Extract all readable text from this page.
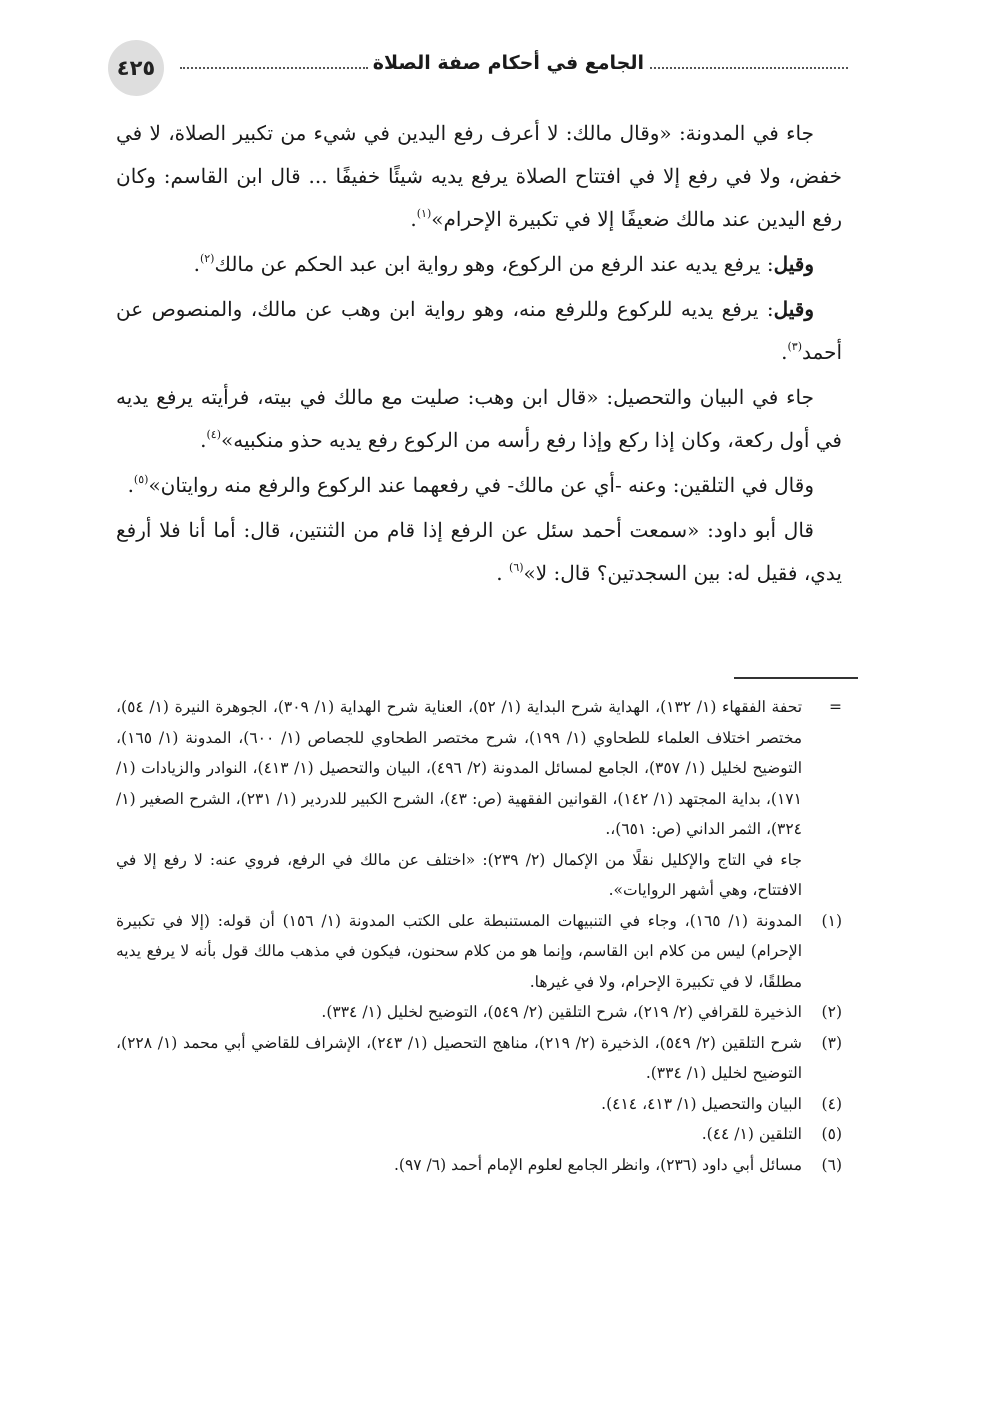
٤٢٥	الجامع في أحكام صفة الصلاة

جاء في المدونة: «وقال مالك: لا أعرف رفع اليدين في شيء من تكبير الصلاة، لا في خفض، ولا في رفع إلا في افتتاح الصلاة يرفع يديه شيئًا خفيفًا ... قال ابن القاسم: وكان رفع اليدين عند مالك ضعيفًا إلا في تكبيرة الإحرام»$^{(١)}$.

وقيل: يرفع يديه عند الرفع من الركوع، وهو رواية ابن عبد الحكم عن مالك$^{(٢)}$.

وقيل: يرفع يديه للركوع وللرفع منه، وهو رواية ابن وهب عن مالك، والمنصوص عن أحمد$^{(٣)}$.

جاء في البيان والتحصيل: «قال ابن وهب: صليت مع مالك في بيته، فرأيته يرفع يديه في أول ركعة، وكان إذا ركع وإذا رفع رأسه من الركوع رفع يديه حذو منكبيه»$^{(٤)}$.

وقال في التلقين: وعنه -أي عن مالك- في رفعهما عند الركوع والرفع منه روايتان»$^{(٥)}$.

قال أبو داود: «سمعت أحمد سئل عن الرفع إذا قام من الثنتين، قال: أما أنا فلا أرفع يدي، فقيل له: بين السجدتين؟ قال: لا»$^{(٦)}$ .

=
تحفة الفقهاء (١/ ١٣٢)، الهداية شرح البداية (١/ ٥٢)، العناية شرح الهداية (١/ ٣٠٩)، الجوهرة النيرة (١/ ٥٤)، مختصر اختلاف العلماء للطحاوي (١/ ١٩٩)، شرح مختصر الطحاوي للجصاص (١/ ٦٠٠)، المدونة (١/ ١٦٥)، التوضيح لخليل (١/ ٣٥٧)، الجامع لمسائل المدونة (٢/ ٤٩٦)، البيان والتحصيل (١/ ٤١٣)، النوادر والزيادات (١/ ١٧١)، بداية المجتهد (١/ ١٤٢)، القوانين الفقهية (ص: ٤٣)، الشرح الكبير للدردير (١/ ٢٣١)، الشرح الصغير (١/ ٣٢٤)، الثمر الداني (ص: ٦٥١)،.
جاء في التاج والإكليل نقلًا من الإكمال (٢/ ٢٣٩): «اختلف عن مالك في الرفع، فروي عنه: لا رفع إلا في الافتتاح، وهي أشهر الروايات».
(١)
المدونة (١/ ١٦٥)، وجاء في التنبيهات المستنبطة على الكتب المدونة (١/ ١٥٦) أن قوله: (إلا في تكبيرة الإحرام) ليس من كلام ابن القاسم، وإنما هو من كلام سحنون، فيكون في مذهب مالك قول بأنه لا يرفع يديه مطلقًا، لا في تكبيرة الإحرام، ولا في غيرها.
(٢)
الذخيرة للقرافي (٢/ ٢١٩)، شرح التلقين (٢/ ٥٤٩)، التوضيح لخليل (١/ ٣٣٤).
(٣)
شرح التلقين (٢/ ٥٤٩)، الذخيرة (٢/ ٢١٩)، مناهج التحصيل (١/ ٢٤٣)، الإشراف للقاضي أبي محمد (١/ ٢٢٨)، التوضيح لخليل (١/ ٣٣٤).
(٤)
البيان والتحصيل (١/ ٤١٣، ٤١٤).
(٥)
التلقين (١/ ٤٤).
(٦)
مسائل أبي داود (٢٣٦)، وانظر الجامع لعلوم الإمام أحمد (٦/ ٩٧).
